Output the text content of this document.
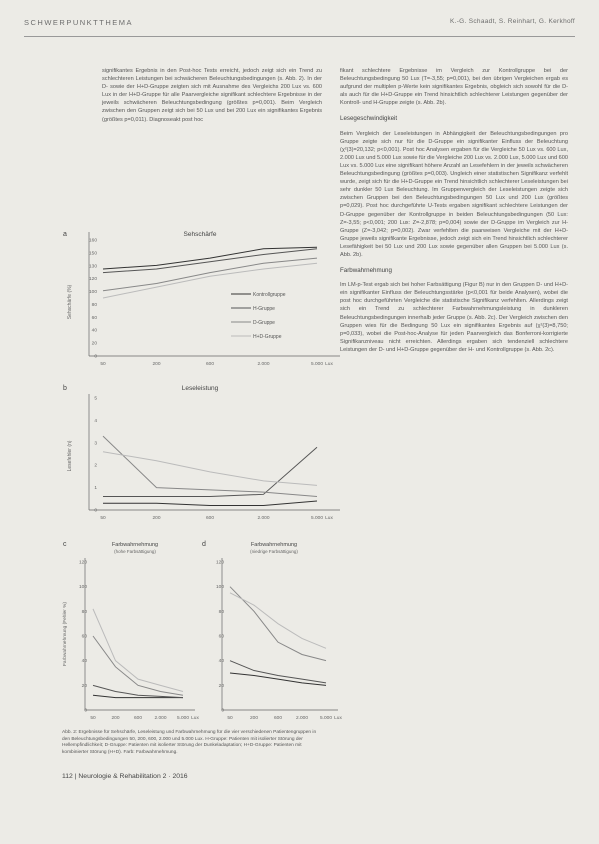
SCHWERPUNKTTHEMA	K.-G. Schaadt, S. Reinhart, G. Kerkhoff

signifikantes Ergebnis in den Post-hoc Tests erreicht, jedoch zeigt sich ein Trend zu schlechteren Leistungen bei schwächeren Beleuchtungsbedingungen (s. Abb. 2). In der D- sowie der H+D-Gruppe zeigten sich mit Ausnahme des Vergleichs 200 Lux vs. 600 Lux in der H+D-Gruppe für alle Paarvergleiche signifikant schlechtere Ergebnisse in der jeweils schwächeren Beleuchtungsbedingung (größtes p=0,001). Beim Vergleich zwischen den Gruppen zeigt sich bei 50 Lux und bei 200 Lux ein signifikantes Ergebnis (größtes p=0,011). Diagnoseakt post hoc

fikant schlechtere Ergebnisse im Vergleich zur Kontrollgruppe bei der Beleuchtungsbedingung 50 Lux (T=-3,55; p=0,001), bei den übrigen Vergleichen ergab es aufgrund der multiplen p-Werte kein signifikantes Ergebnis, obgleich sich sowohl für die D- als auch für die H+D-Gruppe ein Trend hinsichtlich schlechterer Leistungen gegenüber der Kontroll- und H-Gruppe zeigte (s. Abb. 2b).

Lesegeschwindigkeit

Beim Vergleich der Leseleistungen in Abhängigkeit der Beleuchtungsbedingungen pro Gruppe zeigte sich nur für die D-Gruppe ein signifikanter Einfluss der Beleuchtung (χ²(3)=20,132; p<0,001). Post hoc Analysen ergaben für die Vergleiche 50 Lux vs. 600 Lux, 2.000 Lux und 5.000 Lux sowie für die Vergleiche 200 Lux vs. 2.000 Lux, 5.000 Lux und 600 Lux vs. 5.000 Lux eine signifikant höhere Anzahl an Lesefehlern in der jeweils schwächeren Beleuchtungsbedingung (größtes p=0,003). Ungleich einer statistischen Signifikanz verfehlt wurde, zeigt sich für die H+D-Gruppe ein Trend hinsichtlich schlechterer Leseleistungen bei sehr dunkler 50 Lux Beleuchtung. Im Gruppenvergleich der Leseleistungen zeigte sich zwischen Gruppen bei den Beleuchtungsbedingungen 50 Lux und 200 Lux (größtes p=0,029). Post hoc durchgeführte U-Tests ergaben signifikant schlechtere Leistungen der D-Gruppe gegenüber der Kontrollgruppe in beiden Beleuchtungsbedingungen (50 Lux: Z=-3,55; p<0,001; 200 Lux: Z=-2,878; p=0,004) sowie der D-Gruppe im Vergleich zur H-Gruppe (Z=-3,042; p=0,002). Zwar verfehlten die paarweisen Vergleiche mit der H+D-Gruppe jeweils signifikante Ergebnisse, jedoch zeigt sich ein Trend hinsichtlich schlechterer Lesefähigkeit bei 50 Lux und 200 Lux sowie gegenüber allen Gruppen bei 5.000 Lux (s. Abb. 2b).

Farbwahrnehmung

Im LM-p-Test ergab sich bei hoher Farbsättigung (Figur B) nur in den Gruppen D- und H+D- ein signifikanter Einfluss der Beleuchtungsstärke (p<0,001 für beide Analysen), wobei die post hoc durchgeführten Vergleiche die statistische Signifikanz verfehlten. Allerdings zeigt sich ein Trend zu schlechterer Farbwahrnehmungsleistung in dunkleren Beleuchtungsbedingungen innerhalb jeder Gruppe (s. Abb. 2c). Der Vergleich zwischen den Gruppen wies für die Bedingung 50 Lux ein signifikantes Ergebnis auf (χ²(3)=8,750; p=0,033), wobei die Post-hoc-Analyse für jeden Paarvergleich das Bonferroni-korrigierte Signifikanzniveau nicht erreichten. Allerdings ergaben sich tendenziell schlechtere Leistungen der D- und H+D-Gruppe gegenüber der H- und Kontrollgruppe (s. Abb. 2c).

a	Sehschärfe
Sehschärfe (%)
160
150
130
120
100
80
60
40
20
0
50	200	600	2.000	5.000 Lux
Kontrollgruppe
H-Gruppe
D-Gruppe
H+D-Gruppe
b	Leseleistung
Lesefehler (n)
5
4
3
2
1
0
50	200	600	2.000	5.000 Lux
c	Farbwahrnehmung
(hohe Farbsättigung)
Farbwahrnehmung (Fehler %)
120
100
80
60
40
20
0
50	200	600	2.000 5.000 Lux
d	Farbwahrnehmung
(niedrige Farbsättigung)
120
100
80
60
40
20
0
50	200	600	2.000 5.000 Lux
Abb. 2: Ergebnisse für Sehschärfe, Leseleistung und Farbwahrnehmung für die vier verschiedenen Patientengruppen in den Beleuchtungsbedingungen 50, 200, 600, 2.000 und 5.000 Lux. H-Gruppe: Patienten mit isolierter Störung der Hellempfindlichkeit; D-Gruppe: Patienten mit isolierter Störung der Dunkeladaptation; H+D-Gruppe: Patienten mit kombinierter Störung (H+D). Farb: Farbwahrnehmung.
112 | Neurologie & Rehabilitation 2 · 2016
